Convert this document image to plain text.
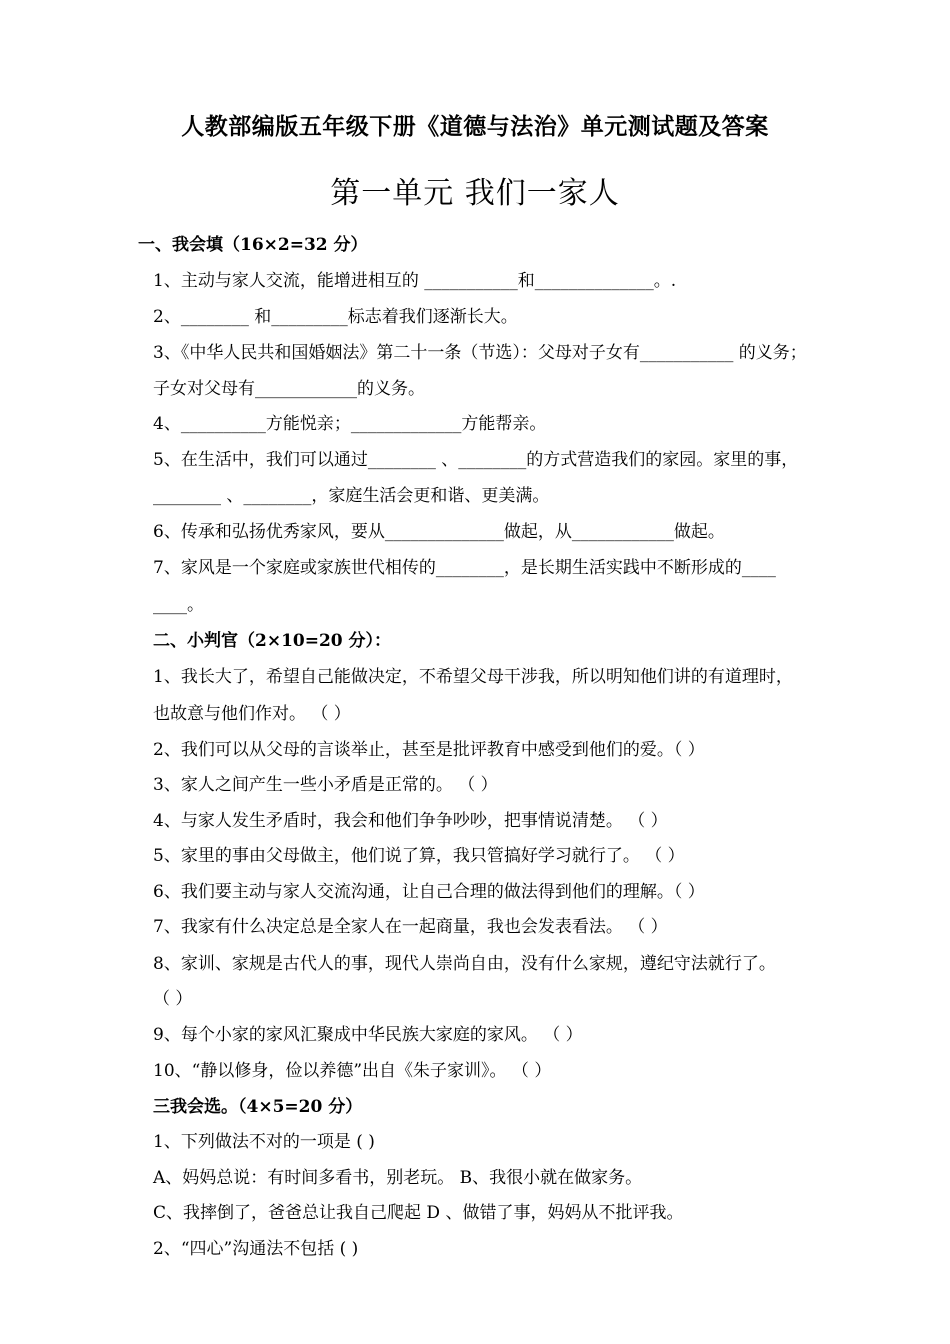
人教部编版五年级下册《道德与法治》单元测试题及答案
第一单元 我们一家人
一、我会填（16×2=32 分）
1、主动与家人交流，能增进相互的 ___________和______________。.
2、________ 和_________标志着我们逐渐长大。
3、《中华人民共和国婚姻法》第二十一条（节选）：父母对子女有___________ 的义务；
子女对父母有____________的义务。
4、__________方能悦亲；_____________方能帮亲。
5、在生活中，我们可以通过________ 、________的方式营造我们的家园。家里的事，
________ 、________，家庭生活会更和谐、更美满。
6、传承和弘扬优秀家风，要从______________做起，从____________做起。
7、家风是一个家庭或家族世代相传的________，是长期生活实践中不断形成的____
____。
二、小判官（2×10=20 分）：
1、我长大了，希望自己能做决定，不希望父母干涉我，所以明知他们讲的有道理时，
也故意与他们作对。 （ ）
2、我们可以从父母的言谈举止，甚至是批评教育中感受到他们的爱。（ ）
3、家人之间产生一些小矛盾是正常的。 （ ）
4、与家人发生矛盾时，我会和他们争争吵吵，把事情说清楚。 （ ）
5、家里的事由父母做主，他们说了算，我只管搞好学习就行了。 （ ）
6、我们要主动与家人交流沟通，让自己合理的做法得到他们的理解。（ ）
7、我家有什么决定总是全家人在一起商量，我也会发表看法。 （ ）
8、家训、家规是古代人的事，现代人崇尚自由，没有什么家规，遵纪守法就行了。
（ ）
9、每个小家的家风汇聚成中华民族大家庭的家风。 （ ）
10、“静以修身，俭以养德”出自《朱子家训》。 （ ）
三我会选。（4×5=20 分）
1、下列做法不对的一项是 ( )
A、妈妈总说：有时间多看书，别老玩。 B、我很小就在做家务。
C、我摔倒了，爸爸总让我自己爬起 D 、做错了事，妈妈从不批评我。
2、“四心”沟通法不包括 ( )
